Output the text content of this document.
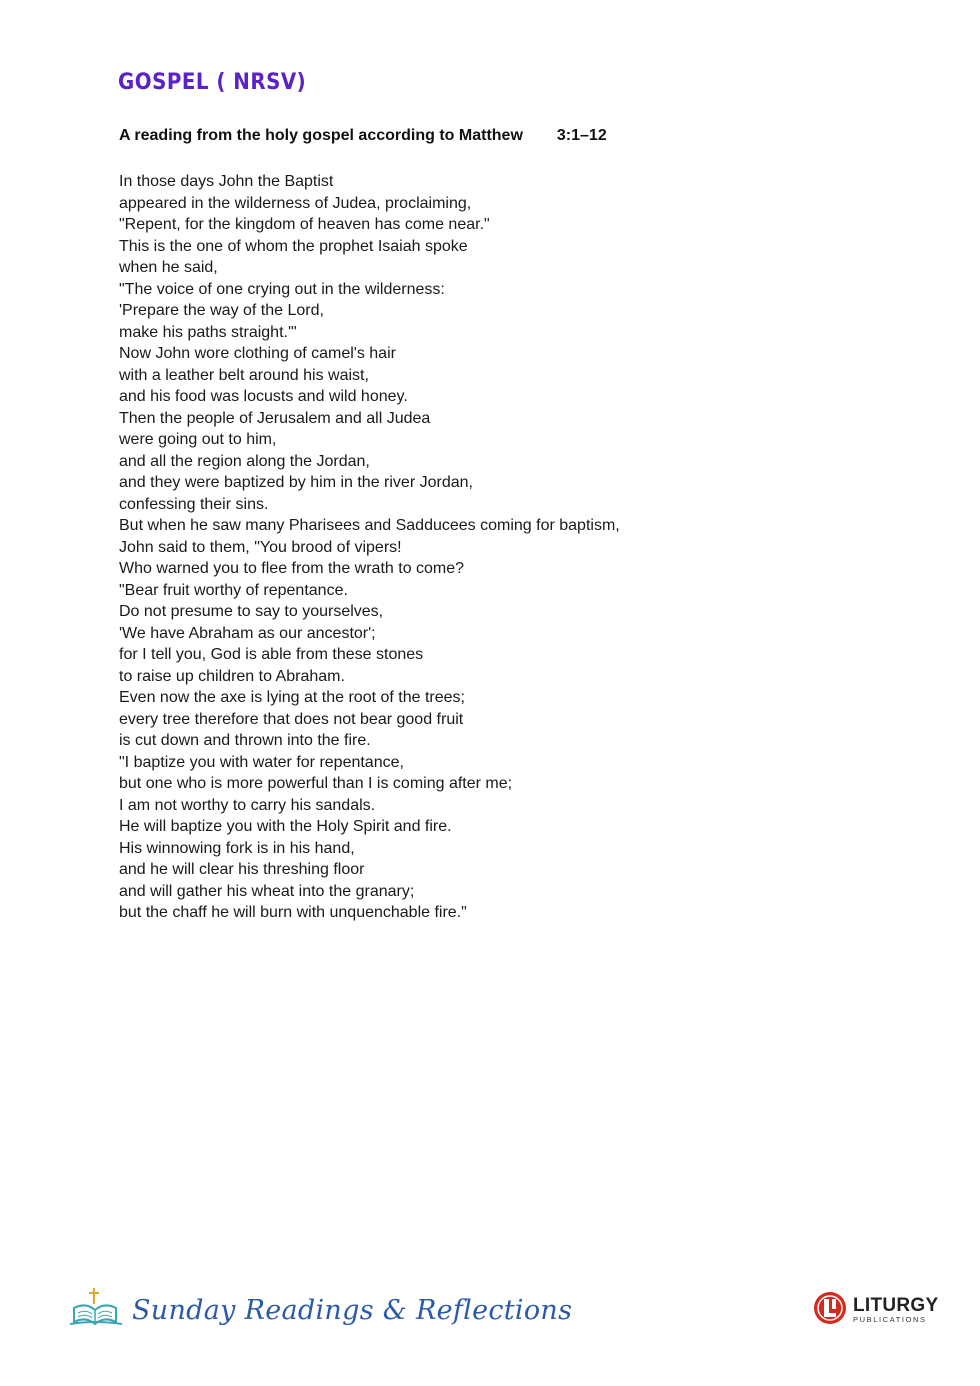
GOSPEL ( NRSV)
A reading from the holy gospel according to Matthew 3:1–12
In those days John the Baptist
appeared in the wilderness of Judea, proclaiming,
"Repent, for the kingdom of heaven has come near."
This is the one of whom the prophet Isaiah spoke
when he said,
"The voice of one crying out in the wilderness:
'Prepare the way of the Lord,
make his paths straight.'"
Now John wore clothing of camel's hair
with a leather belt around his waist,
and his food was locusts and wild honey.
Then the people of Jerusalem and all Judea
were going out to him,
and all the region along the Jordan,
and they were baptized by him in the river Jordan,
confessing their sins.
But when he saw many Pharisees and Sadducees coming for baptism,
John said to them, "You brood of vipers!
Who warned you to flee from the wrath to come?
"Bear fruit worthy of repentance.
Do not presume to say to yourselves,
'We have Abraham as our ancestor';
for I tell you, God is able from these stones
to raise up children to Abraham.
Even now the axe is lying at the root of the trees;
every tree therefore that does not bear good fruit
is cut down and thrown into the fire.
"I baptize you with water for repentance,
but one who is more powerful than I is coming after me;
I am not worthy to carry his sandals.
He will baptize you with the Holy Spirit and fire.
His winnowing fork is in his hand,
and he will clear his threshing floor
and will gather his wheat into the granary;
but the chaff he will burn with unquenchable fire."
Sunday Readings & Reflections	LITURGY
PUBLICATIONS
